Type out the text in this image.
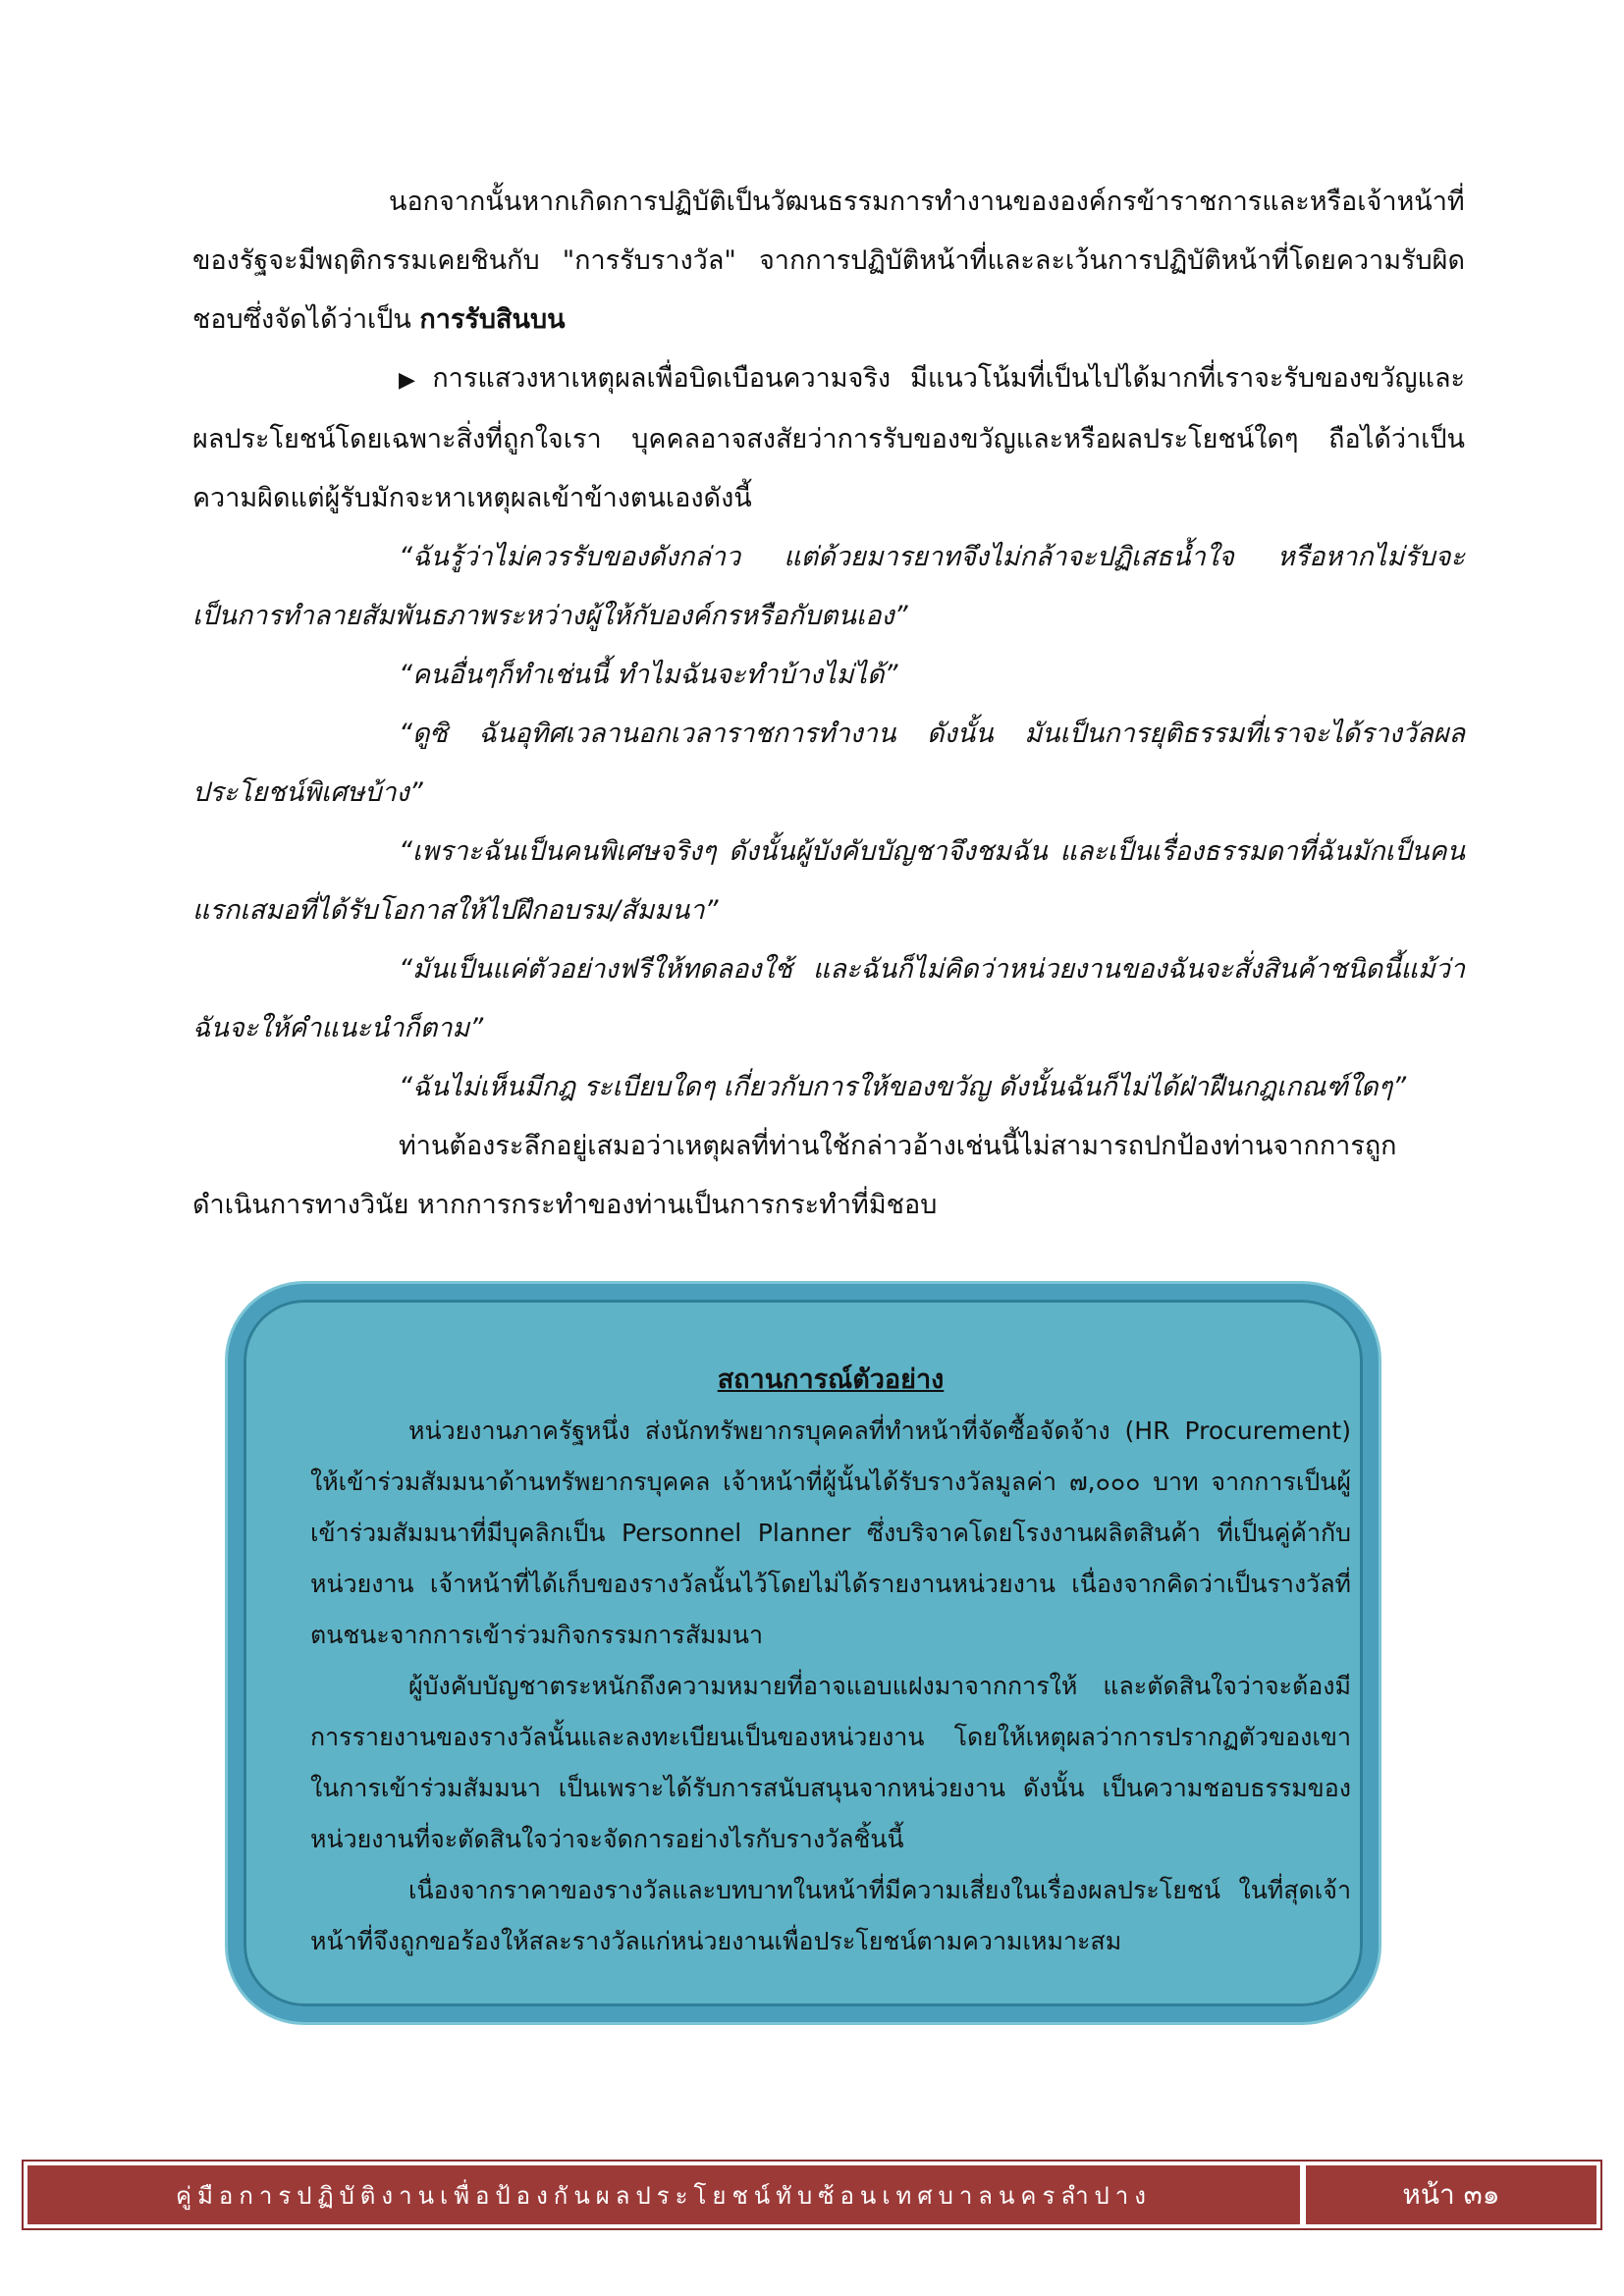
นอกจากนั้นหากเกิดการปฏิบัติเป็นวัฒนธรรมการทำงานขององค์กรข้าราชการและหรือเจ้าหน้าที่ของรัฐจะมีพฤติกรรมเคยชินกับ "การรับรางวัล" จากการปฏิบัติหน้าที่และละเว้นการปฏิบัติหน้าที่โดยความรับผิดชอบซึ่งจัดได้ว่าเป็น การรับสินบน

▶ การแสวงหาเหตุผลเพื่อบิดเบือนความจริง มีแนวโน้มที่เป็นไปได้มากที่เราจะรับของขวัญและผลประโยชน์โดยเฉพาะสิ่งที่ถูกใจเรา บุคคลอาจสงสัยว่าการรับของขวัญและหรือผลประโยชน์ใดๆ ถือได้ว่าเป็นความผิดแต่ผู้รับมักจะหาเหตุผลเข้าข้างตนเองดังนี้

“ฉันรู้ว่าไม่ควรรับของดังกล่าว แต่ด้วยมารยาทจึงไม่กล้าจะปฏิเสธน้ำใจ หรือหากไม่รับจะเป็นการทำลายสัมพันธภาพระหว่างผู้ให้กับองค์กรหรือกับตนเอง”

“คนอื่นๆก็ทำเช่นนี้ ทำไมฉันจะทำบ้างไม่ได้”

“ดูซิ ฉันอุทิศเวลานอกเวลาราชการทำงาน ดังนั้น มันเป็นการยุติธรรมที่เราจะได้รางวัลผลประโยชน์พิเศษบ้าง”

“เพราะฉันเป็นคนพิเศษจริงๆ ดังนั้นผู้บังคับบัญชาจึงชมฉัน และเป็นเรื่องธรรมดาที่ฉันมักเป็นคนแรกเสมอที่ได้รับโอกาสให้ไปฝึกอบรม/สัมมนา”

“มันเป็นแค่ตัวอย่างฟรีให้ทดลองใช้ และฉันก็ไม่คิดว่าหน่วยงานของฉันจะสั่งสินค้าชนิดนี้แม้ว่าฉันจะให้คำแนะนำก็ตาม”

“ฉันไม่เห็นมีกฎ ระเบียบใดๆ เกี่ยวกับการให้ของขวัญ ดังนั้นฉันก็ไม่ได้ฝ่าฝืนกฎเกณฑ์ใดๆ”

ท่านต้องระลึกอยู่เสมอว่าเหตุผลที่ท่านใช้กล่าวอ้างเช่นนี้ไม่สามารถปกป้องท่านจากการถูกดำเนินการทางวินัย หากการกระทำของท่านเป็นการกระทำที่มิชอบ

สถานการณ์ตัวอย่าง

หน่วยงานภาครัฐหนึ่ง ส่งนักทรัพยากรบุคคลที่ทำหน้าที่จัดซื้อจัดจ้าง (HR Procurement) ให้เข้าร่วมสัมมนาด้านทรัพยากรบุคคล เจ้าหน้าที่ผู้นั้นได้รับรางวัลมูลค่า ๗,๐๐๐ บาท จากการเป็นผู้เข้าร่วมสัมมนาที่มีบุคลิกเป็น Personnel Planner ซึ่งบริจาคโดยโรงงานผลิตสินค้า ที่เป็นคู่ค้ากับหน่วยงาน เจ้าหน้าที่ได้เก็บของรางวัลนั้นไว้โดยไม่ได้รายงานหน่วยงาน เนื่องจากคิดว่าเป็นรางวัลที่ตนชนะจากการเข้าร่วมกิจกรรมการสัมมนา

ผู้บังคับบัญชาตระหนักถึงความหมายที่อาจแอบแฝงมาจากการให้ และตัดสินใจว่าจะต้องมีการรายงานของรางวัลนั้นและลงทะเบียนเป็นของหน่วยงาน โดยให้เหตุผลว่าการปรากฏตัวของเขาในการเข้าร่วมสัมมนา เป็นเพราะได้รับการสนับสนุนจากหน่วยงาน ดังนั้น เป็นความชอบธรรมของหน่วยงานที่จะตัดสินใจว่าจะจัดการอย่างไรกับรางวัลชิ้นนี้

เนื่องจากราคาของรางวัลและบทบาทในหน้าที่มีความเสี่ยงในเรื่องผลประโยชน์ ในที่สุดเจ้าหน้าที่จึงถูกขอร้องให้สละรางวัลแก่หน่วยงานเพื่อประโยชน์ตามความเหมาะสม

คู่มือการปฏิบัติงานเพื่อป้องกันผลประโยชน์ทับซ้อนเทศบาลนครลำปาง	หน้า ๓๑
